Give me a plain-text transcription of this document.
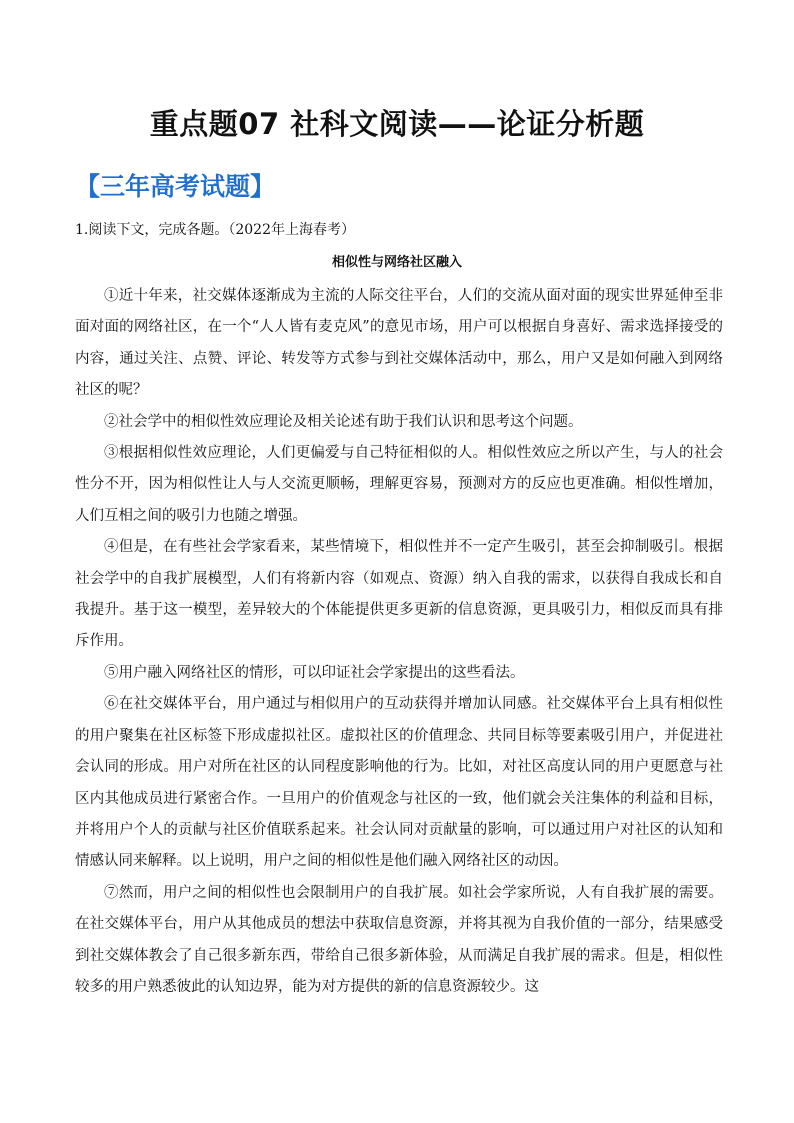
重点题07 社科文阅读——论证分析题
【三年高考试题】
1.阅读下文，完成各题。（2022年上海春考）
相似性与网络社区融入

①近十年来，社交媒体逐渐成为主流的人际交往平台，人们的交流从面对面的现实世界延伸至非面对面的网络社区，在一个“人人皆有麦克风”的意见市场，用户可以根据自身喜好、需求选择接受的内容，通过关注、点赞、评论、转发等方式参与到社交媒体活动中，那么，用户又是如何融入到网络社区的呢？

②社会学中的相似性效应理论及相关论述有助于我们认识和思考这个问题。

③根据相似性效应理论，人们更偏爱与自己特征相似的人。相似性效应之所以产生，与人的社会性分不开，因为相似性让人与人交流更顺畅，理解更容易，预测对方的反应也更准确。相似性增加，人们互相之间的吸引力也随之增强。

④但是，在有些社会学家看来，某些情境下，相似性并不一定产生吸引，甚至会抑制吸引。根据社会学中的自我扩展模型，人们有将新内容（如观点、资源）纳入自我的需求，以获得自我成长和自我提升。基于这一模型，差异较大的个体能提供更多更新的信息资源，更具吸引力，相似反而具有排斥作用。

⑤用户融入网络社区的情形，可以印证社会学家提出的这些看法。

⑥在社交媒体平台，用户通过与相似用户的互动获得并增加认同感。社交媒体平台上具有相似性的用户聚集在社区标签下形成虚拟社区。虚拟社区的价值理念、共同目标等要素吸引用户，并促进社会认同的形成。用户对所在社区的认同程度影响他的行为。比如，对社区高度认同的用户更愿意与社区内其他成员进行紧密合作。一旦用户的价值观念与社区的一致，他们就会关注集体的利益和目标，并将用户个人的贡献与社区价值联系起来。社会认同对贡献量的影响，可以通过用户对社区的认知和情感认同来解释。以上说明，用户之间的相似性是他们融入网络社区的动因。

⑦然而，用户之间的相似性也会限制用户的自我扩展。如社会学家所说，人有自我扩展的需要。在社交媒体平台，用户从其他成员的想法中获取信息资源，并将其视为自我价值的一部分，结果感受到社交媒体教会了自己很多新东西，带给自己很多新体验，从而满足自我扩展的需求。但是，相似性较多的用户熟悉彼此的认知边界，能为对方提供的新的信息资源较少。这
